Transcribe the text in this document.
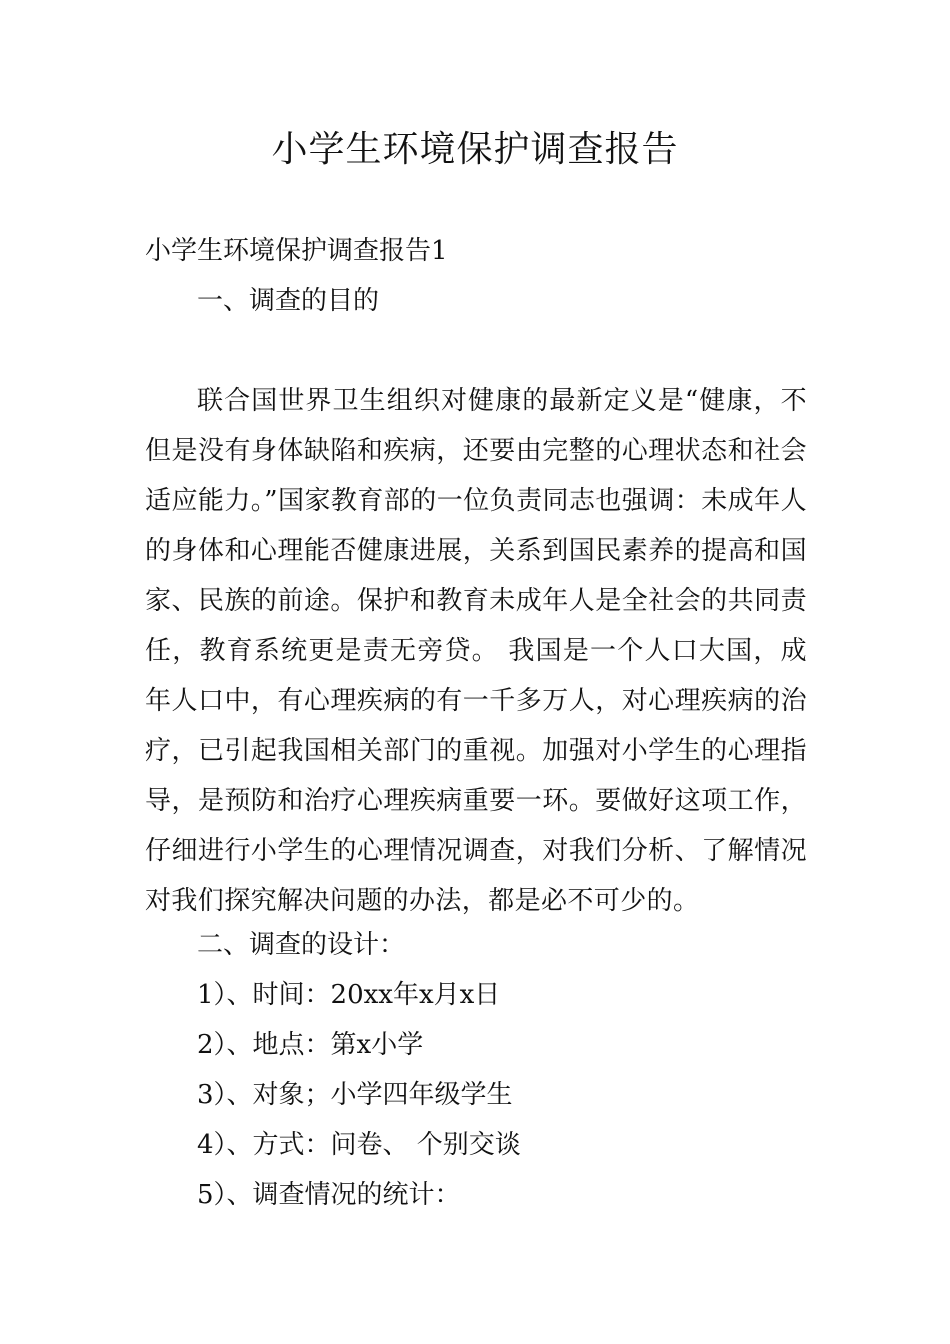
小学生环境保护调查报告
小学生环境保护调查报告1
一、调查的目的
联合国世界卫生组织对健康的最新定义是“健康，不但是没有身体缺陷和疾病，还要由完整的心理状态和社会适应能力。”国家教育部的一位负责同志也强调：未成年人的身体和心理能否健康进展，关系到国民素养的提高和国家、民族的前途。保护和教育未成年人是全社会的共同责任，教育系统更是责无旁贷。 我国是一个人口大国，成年人口中，有心理疾病的有一千多万人，对心理疾病的治疗，已引起我国相关部门的重视。加强对小学生的心理指导，是预防和治疗心理疾病重要一环。要做好这项工作，仔细进行小学生的心理情况调查，对我们分析、了解情况对我们探究解决问题的办法，都是必不可少的。
二、调查的设计：
1）、时间：20xx年x月x日
2）、地点：第x小学
3）、对象；小学四年级学生
4）、方式：问卷、 个别交谈
5）、调查情况的统计：
